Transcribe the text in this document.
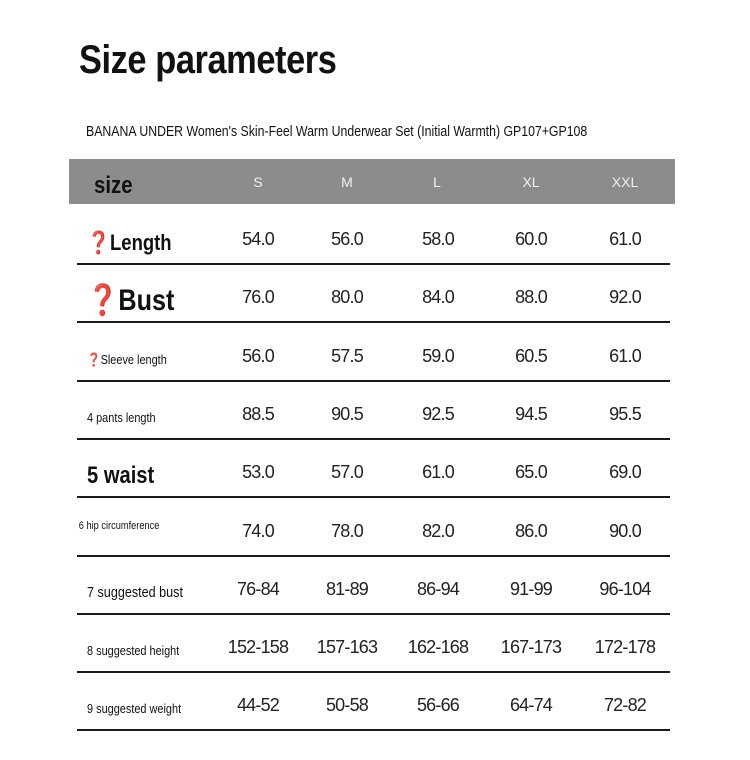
Size parameters
BANANA UNDER Women's Skin-Feel Warm Underwear Set (Initial Warmth) GP107+GP108
size	S	M	L	XL	XXL
❓Length	54.0	56.0	58.0	60.0	61.0
❓Bust	76.0	80.0	84.0	88.0	92.0
❓Sleeve length	56.0	57.5	59.0	60.5	61.0
4 pants length	88.5	90.5	92.5	94.5	95.5
5 waist	53.0	57.0	61.0	65.0	69.0
6 hip circumference	74.0	78.0	82.0	86.0	90.0
7 suggested bust	76-84	81-89	86-94	91-99	96-104
8 suggested height	152-158	157-163	162-168	167-173	172-178
9 suggested weight	44-52	50-58	56-66	64-74	72-82
